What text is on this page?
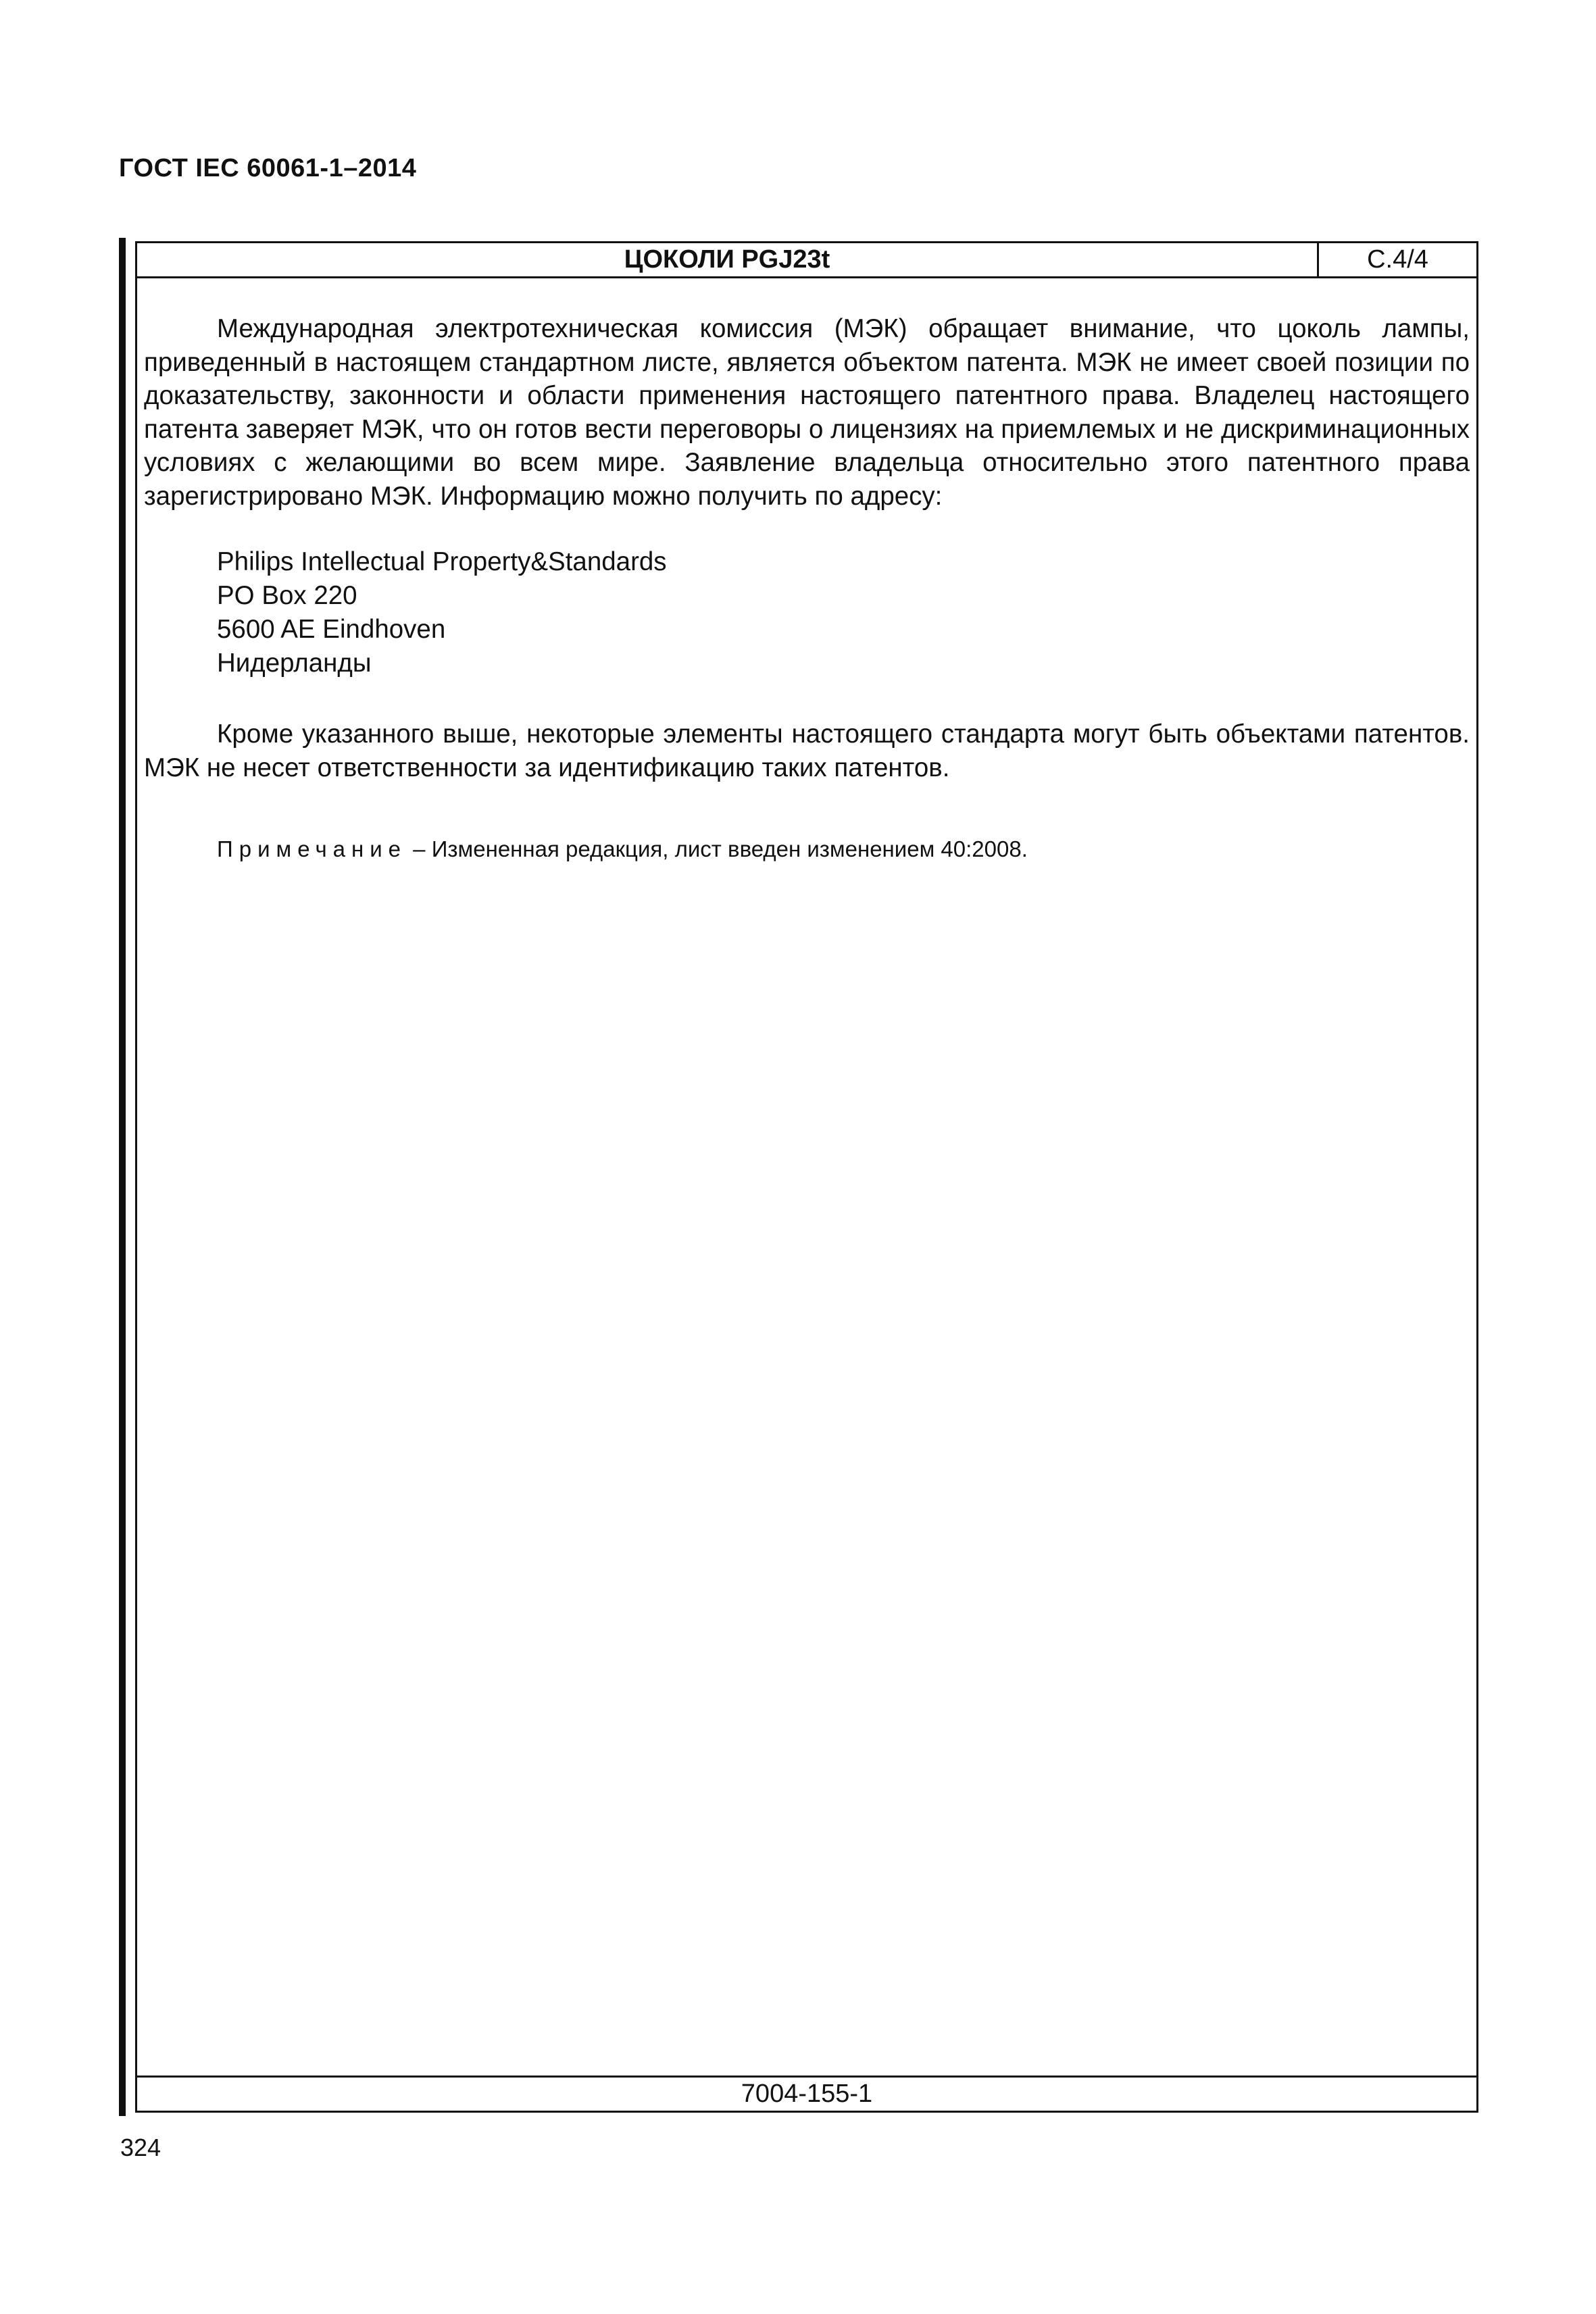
ГОСТ IEC 60061-1–2014
ЦОКОЛИ PGJ23t	С.4/4

Международная электротехническая комиссия (МЭК) обращает внимание, что цоколь лампы, приведенный в настоящем стандартном листе, является объектом патента. МЭК не имеет своей позиции по доказательству, законности и области применения настоящего патентного права. Владелец настоящего патента заверяет МЭК, что он готов вести переговоры о лицензиях на приемлемых и не дискриминационных условиях с желающими во всем мире. Заявление владельца относительно этого патентного права зарегистрировано МЭК. Информацию можно получить по адресу:

Philips Intellectual Property&Standards
PO Box 220
5600 AE Eindhoven
Нидерланды

Кроме указанного выше, некоторые элементы настоящего стандарта могут быть объектами патентов. МЭК не несет ответственности за идентификацию таких патентов.

Примечание – Измененная редакция, лист введен изменением 40:2008.
7004-155-1
324
